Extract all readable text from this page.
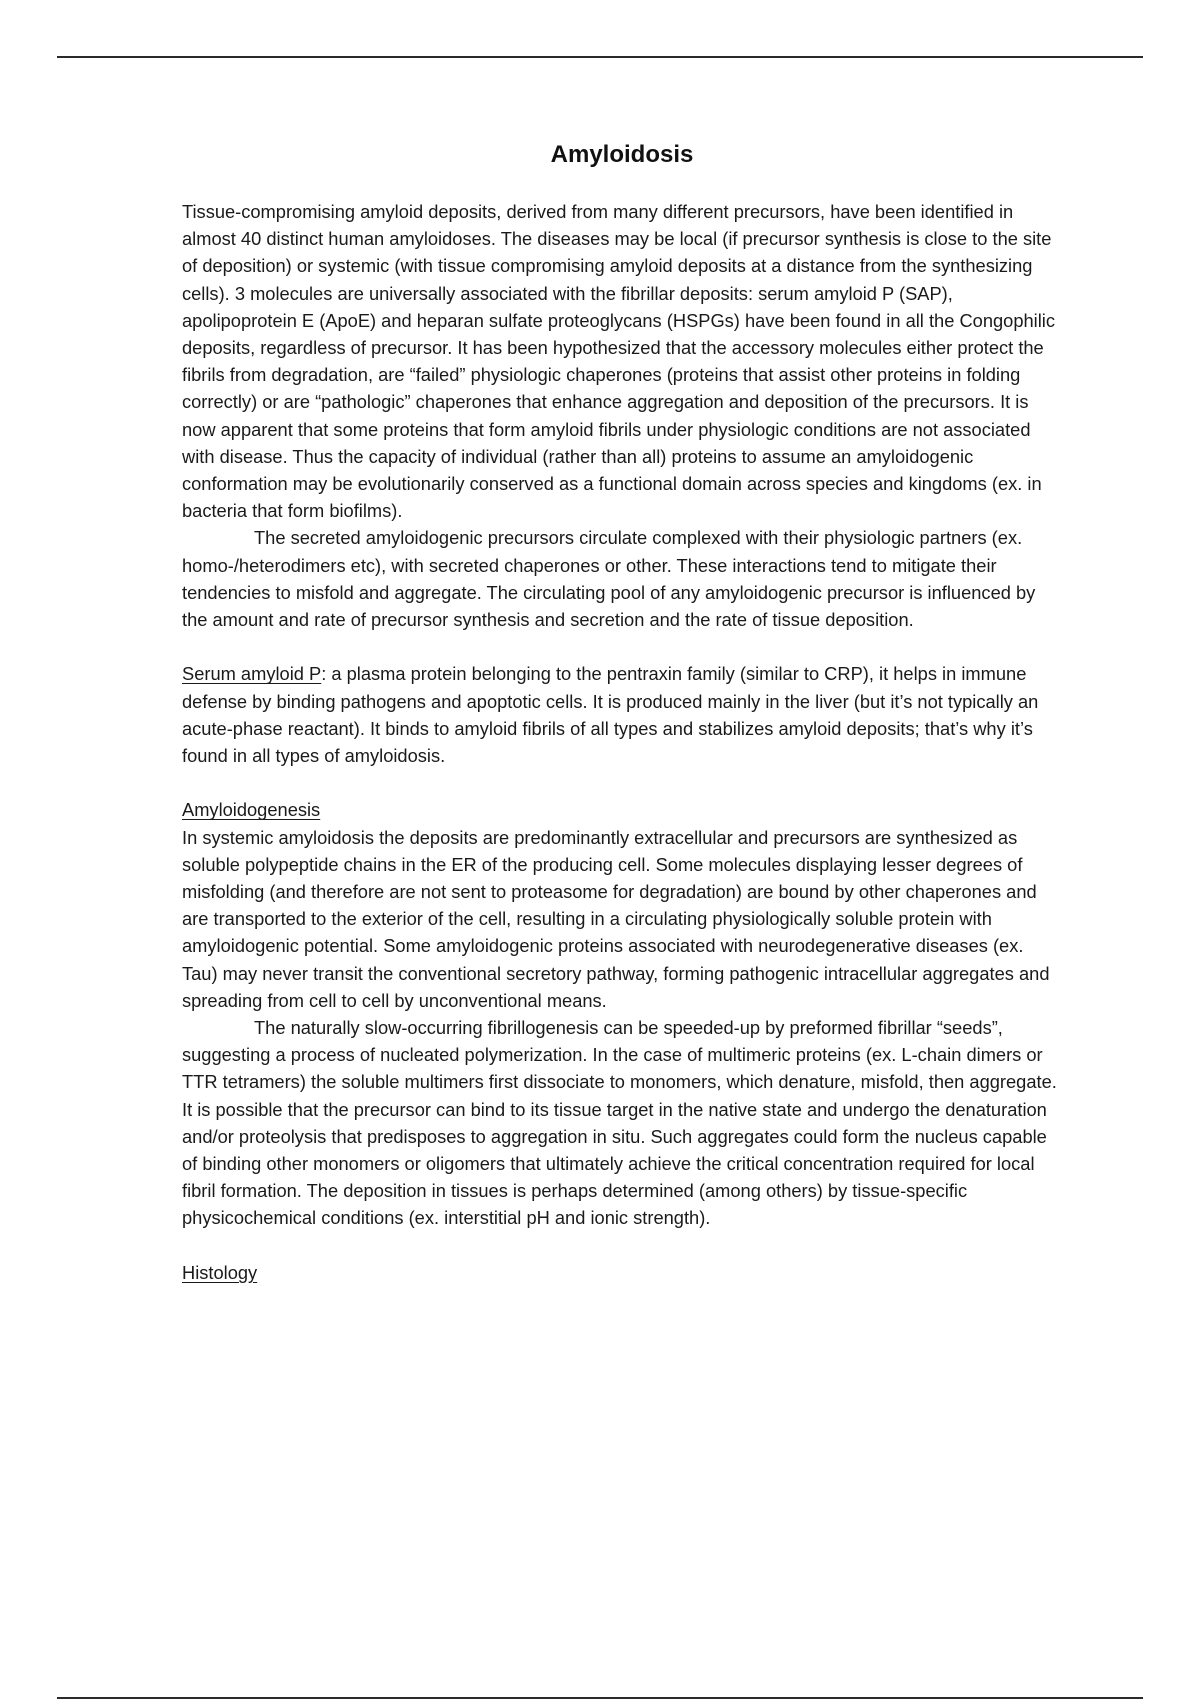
Amyloidosis

Tissue-compromising amyloid deposits, derived from many different precursors, have been identified in almost 40 distinct human amyloidoses. The diseases may be local (if precursor synthesis is close to the site of deposition) or systemic (with tissue compromising amyloid deposits at a distance from the synthesizing cells). 3 molecules are universally associated with the fibrillar deposits: serum amyloid P (SAP), apolipoprotein E (ApoE) and heparan sulfate proteoglycans (HSPGs) have been found in all the Congophilic deposits, regardless of precursor. It has been hypothesized that the accessory molecules either protect the fibrils from degradation, are “failed” physiologic chaperones (proteins that assist other proteins in folding correctly) or are “pathologic” chaperones that enhance aggregation and deposition of the precursors. It is now apparent that some proteins that form amyloid fibrils under physiologic conditions are not associated with disease. Thus the capacity of individual (rather than all) proteins to assume an amyloidogenic conformation may be evolutionarily conserved as a functional domain across species and kingdoms (ex. in bacteria that form biofilms).

The secreted amyloidogenic precursors circulate complexed with their physiologic partners (ex. homo-/heterodimers etc), with secreted chaperones or other. These interactions tend to mitigate their tendencies to misfold and aggregate. The circulating pool of any amyloidogenic precursor is influenced by the amount and rate of precursor synthesis and secretion and the rate of tissue deposition.

Serum amyloid P: a plasma protein belonging to the pentraxin family (similar to CRP), it helps in immune defense by binding pathogens and apoptotic cells. It is produced mainly in the liver (but it’s not typically an acute-phase reactant). It binds to amyloid fibrils of all types and stabilizes amyloid deposits; that’s why it’s found in all types of amyloidosis.

Amyloidogenesis

In systemic amyloidosis the deposits are predominantly extracellular and precursors are synthesized as soluble polypeptide chains in the ER of the producing cell. Some molecules displaying lesser degrees of misfolding (and therefore are not sent to proteasome for degradation) are bound by other chaperones and are transported to the exterior of the cell, resulting in a circulating physiologically soluble protein with amyloidogenic potential. Some amyloidogenic proteins associated with neurodegenerative diseases (ex. Tau) may never transit the conventional secretory pathway, forming pathogenic intracellular aggregates and spreading from cell to cell by unconventional means.

The naturally slow-occurring fibrillogenesis can be speeded-up by preformed fibrillar “seeds”, suggesting a process of nucleated polymerization. In the case of multimeric proteins (ex. L-chain dimers or TTR tetramers) the soluble multimers first dissociate to monomers, which denature, misfold, then aggregate. It is possible that the precursor can bind to its tissue target in the native state and undergo the denaturation and/or proteolysis that predisposes to aggregation in situ. Such aggregates could form the nucleus capable of binding other monomers or oligomers that ultimately achieve the critical concentration required for local fibril formation. The deposition in tissues is perhaps determined (among others) by tissue-specific physicochemical conditions (ex. interstitial pH and ionic strength).

Histology
